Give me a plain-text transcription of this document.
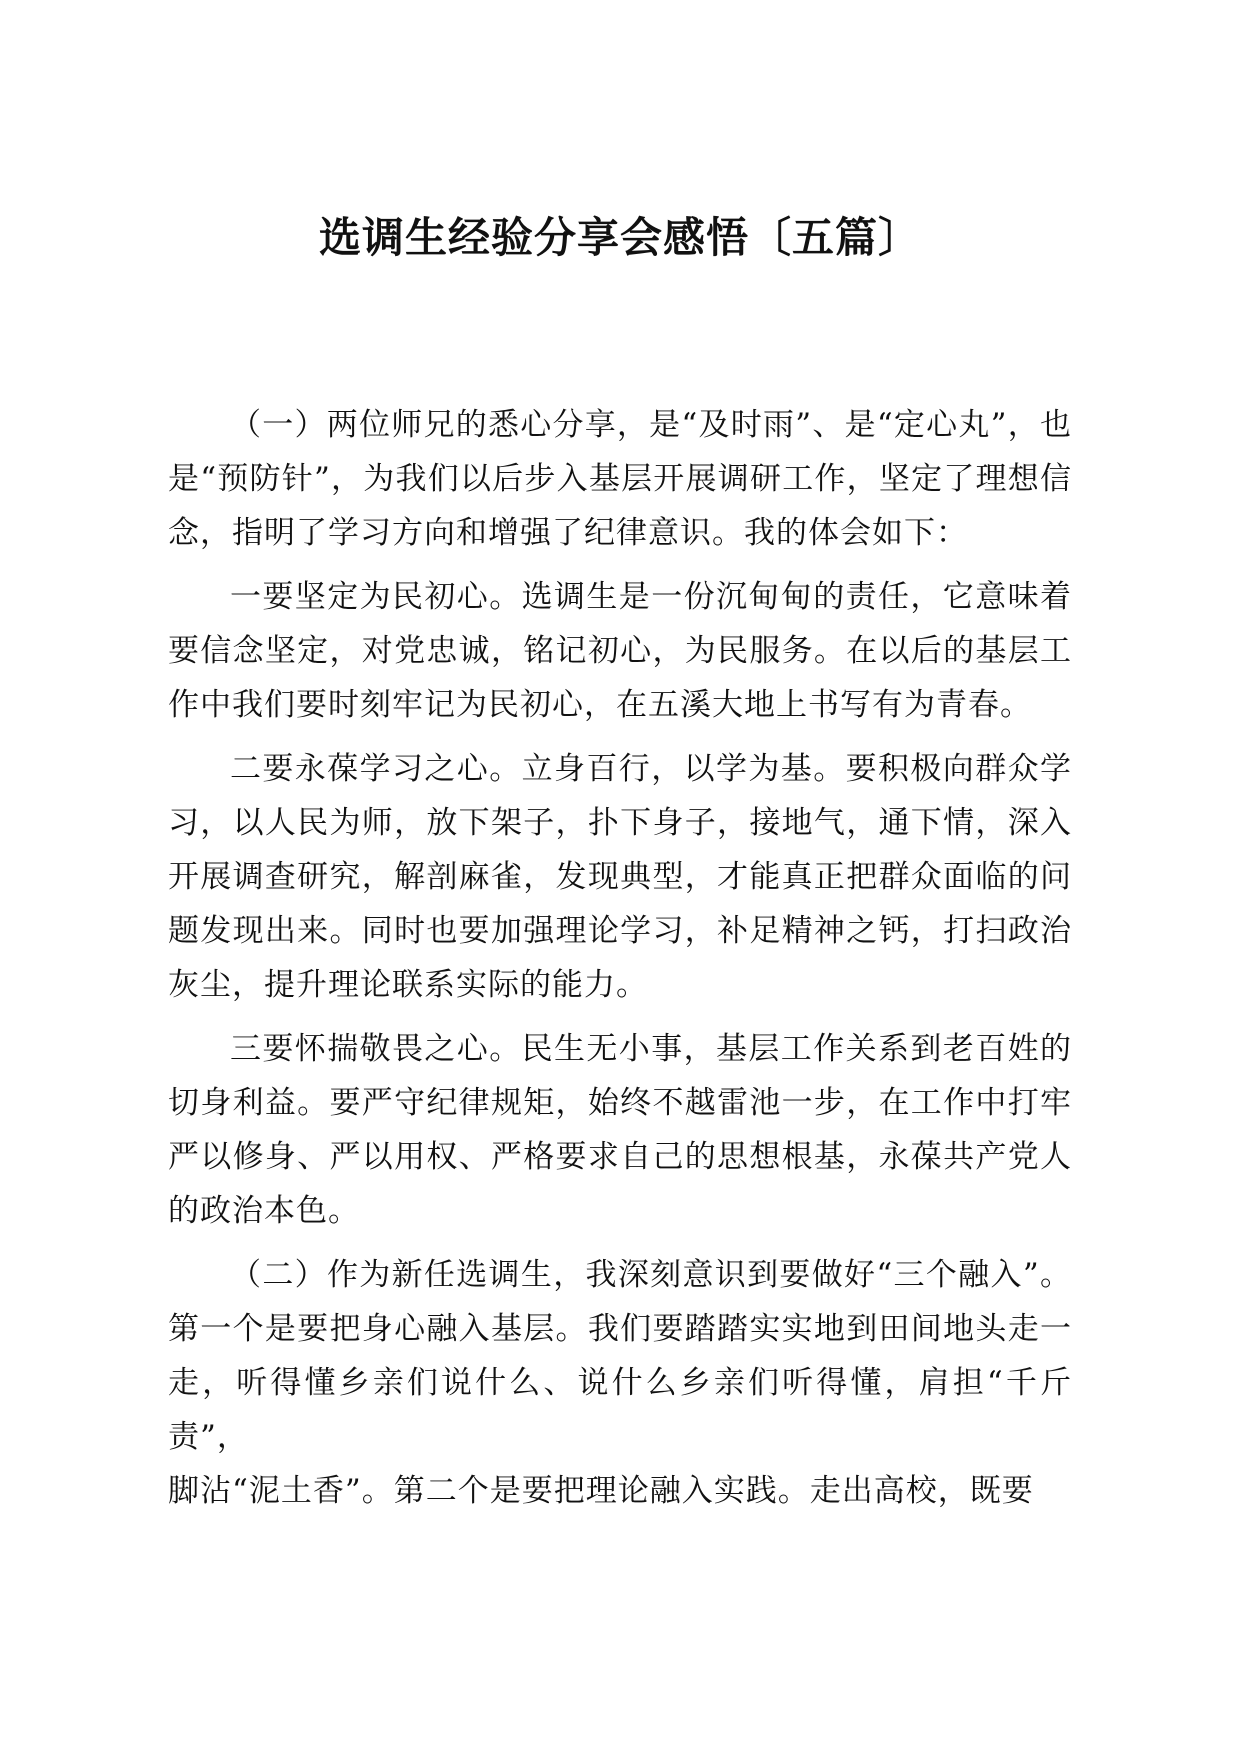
选调生经验分享会感悟〔五篇〕

（一）两位师兄的悉心分享，是“及时雨”、是“定心丸”，也是“预防针”，为我们以后步入基层开展调研工作，坚定了理想信念，指明了学习方向和增强了纪律意识。我的体会如下：

一要坚定为民初心。选调生是一份沉甸甸的责任，它意味着要信念坚定，对党忠诚，铭记初心，为民服务。在以后的基层工作中我们要时刻牢记为民初心，在五溪大地上书写有为青春。

二要永葆学习之心。立身百行，以学为基。要积极向群众学习，以人民为师，放下架子，扑下身子，接地气，通下情，深入开展调查研究，解剖麻雀，发现典型，才能真正把群众面临的问题发现出来。同时也要加强理论学习，补足精神之钙，打扫政治灰尘，提升理论联系实际的能力。

三要怀揣敬畏之心。民生无小事，基层工作关系到老百姓的切身利益。要严守纪律规矩，始终不越雷池一步，在工作中打牢严以修身、严以用权、严格要求自己的思想根基，永葆共产党人的政治本色。

（二）作为新任选调生，我深刻意识到要做好“三个融入”。 第一个是要把身心融入基层。我们要踏踏实实地到田间地头走一 走，听得懂乡亲们说什么、说什么乡亲们听得懂，肩担“千斤责”，

脚沾“泥土香”。第二个是要把理论融入实践。走出高校，既要
